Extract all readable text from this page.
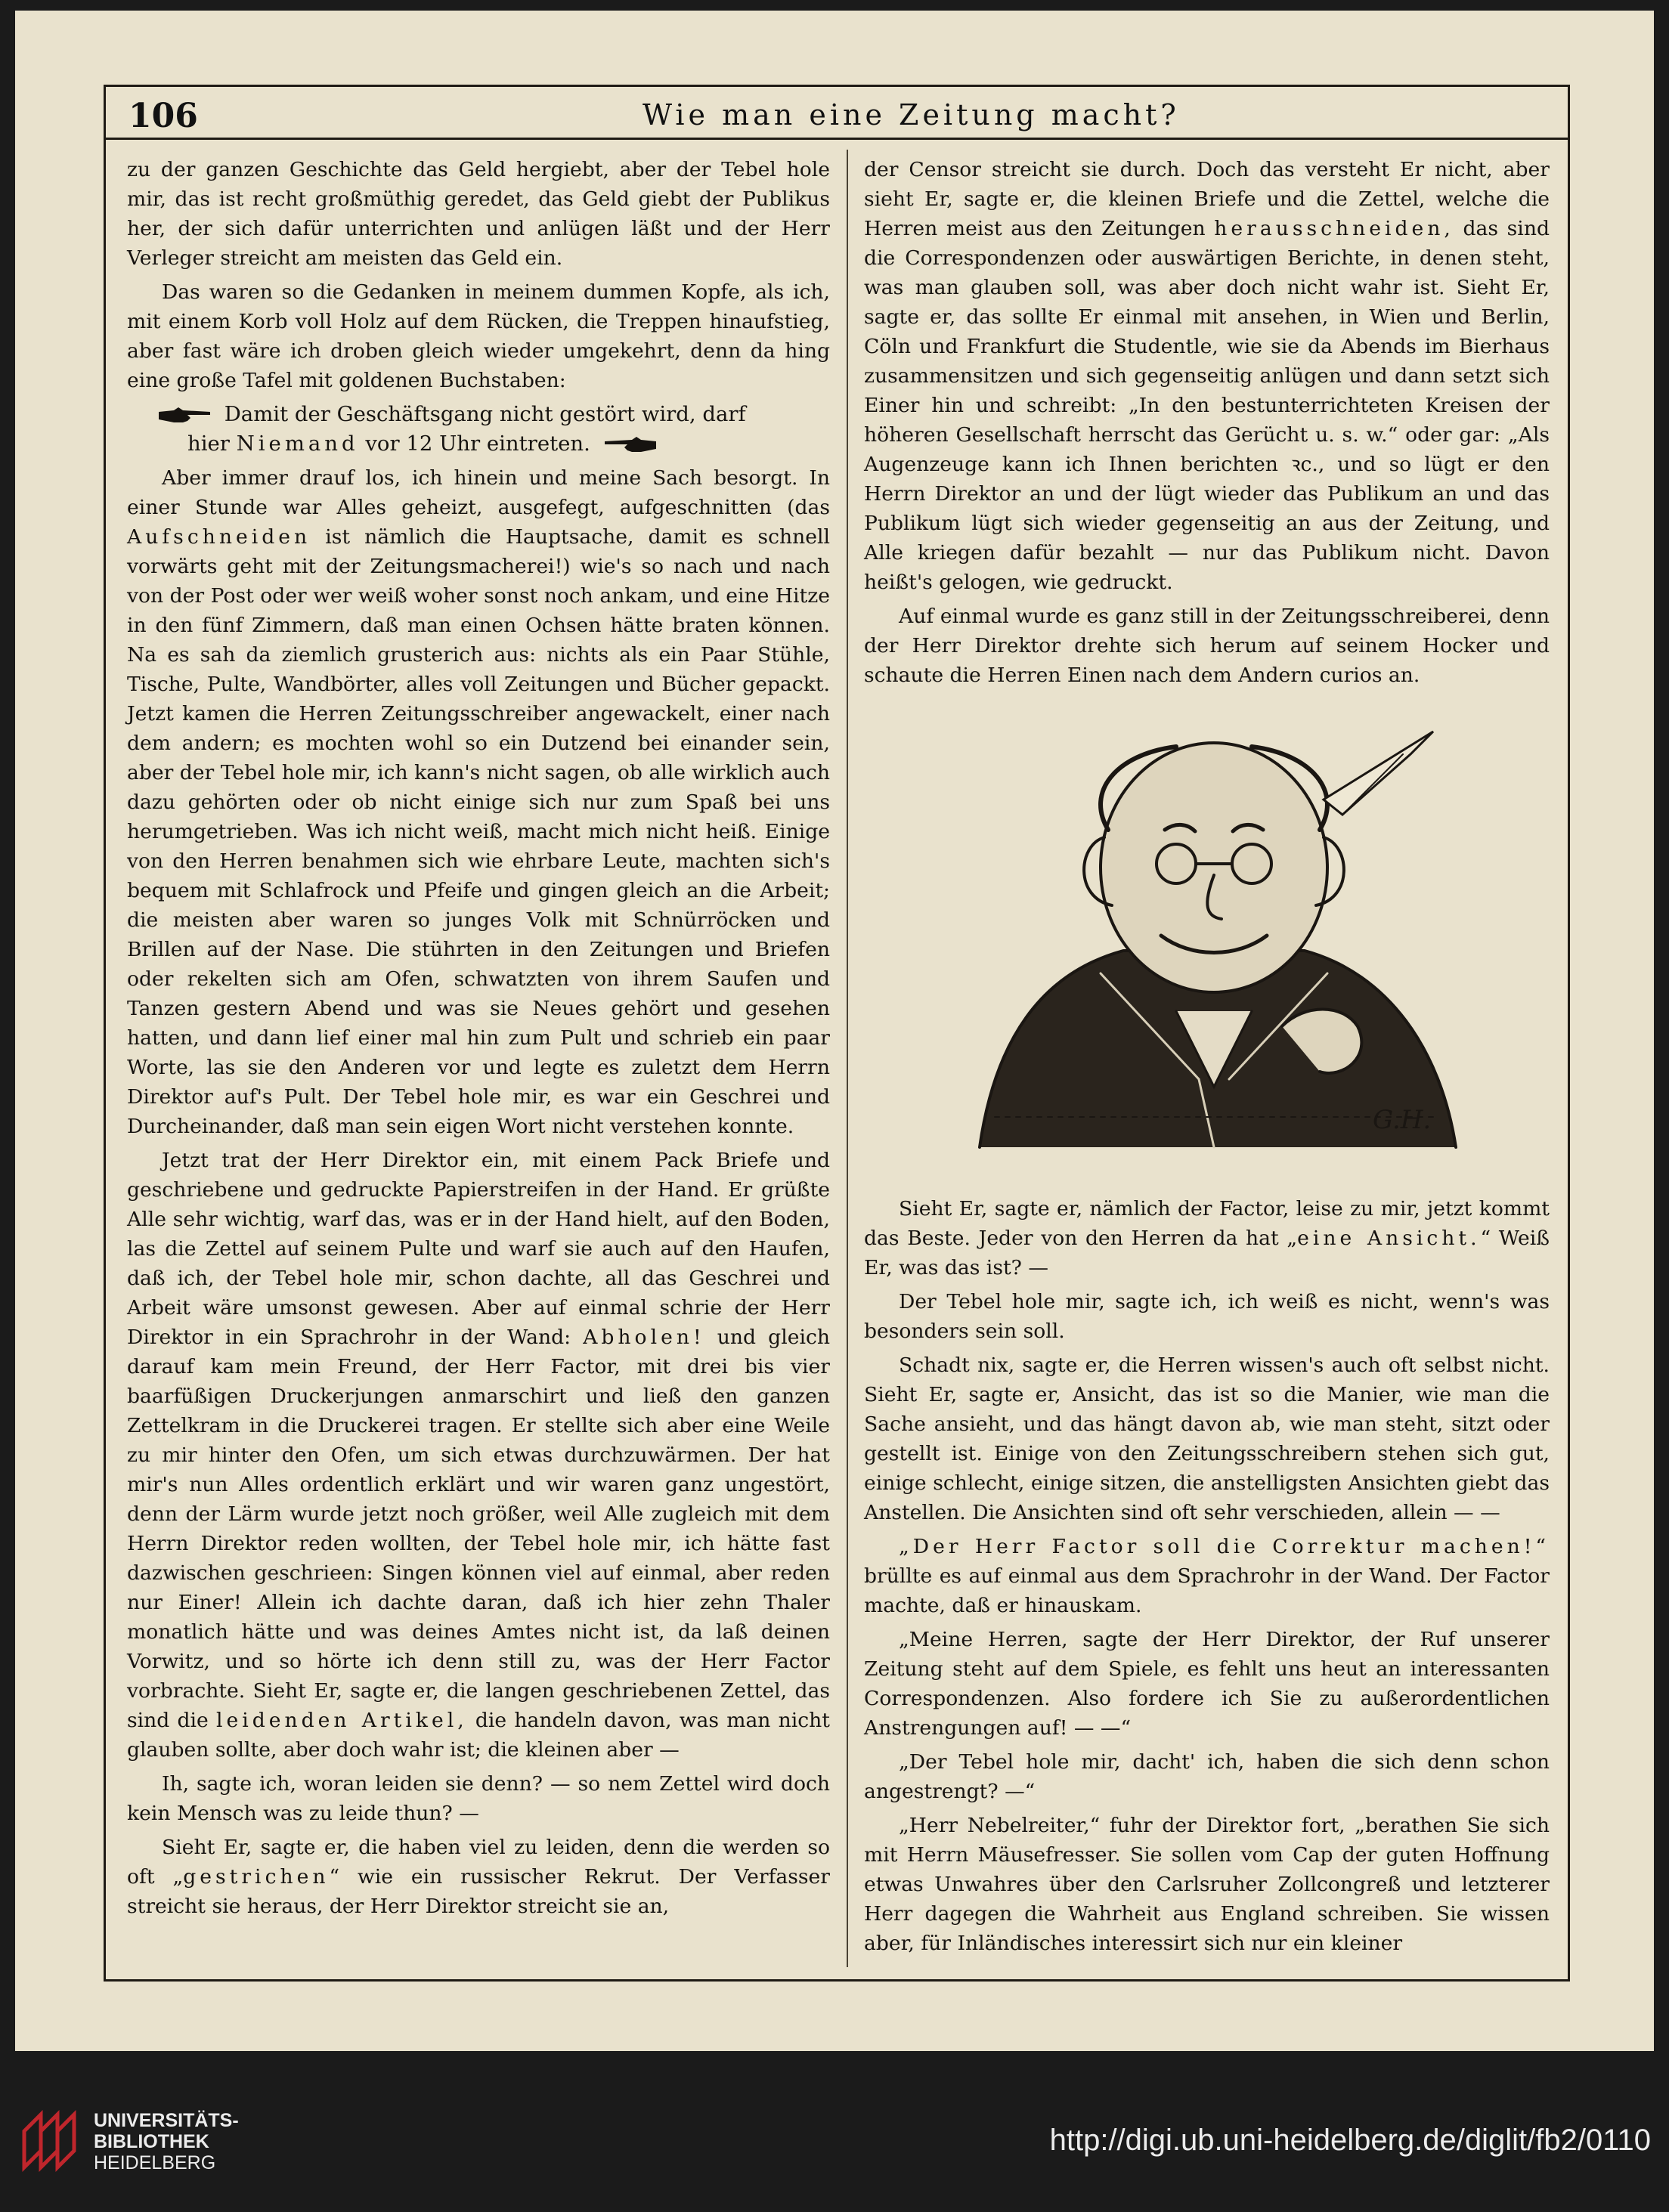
106	Wie man eine Zeitung macht?

zu der ganzen Geschichte das Geld hergiebt, aber der Tebel hole mir, das ist recht großmüthig geredet, das Geld giebt der Publikus her, der sich dafür unterrichten und anlügen läßt und der Herr Verleger streicht am meisten das Geld ein.

Das waren so die Gedanken in meinem dummen Kopfe, als ich, mit einem Korb voll Holz auf dem Rücken, die Treppen hinaufstieg, aber fast wäre ich droben gleich wieder umgekehrt, denn da hing eine große Tafel mit goldenen Buchstaben:

Damit der Geschäftsgang nicht gestört wird, darf
hier Niemand vor 12 Uhr eintreten.

Aber immer drauf los, ich hinein und meine Sach besorgt. In einer Stunde war Alles geheizt, ausgefegt, aufgeschnitten (das Aufschneiden ist nämlich die Hauptsache, damit es schnell vorwärts geht mit der Zeitungsmacherei!) wie's so nach und nach von der Post oder wer weiß woher sonst noch ankam, und eine Hitze in den fünf Zimmern, daß man einen Ochsen hätte braten können. Na es sah da ziemlich grusterich aus: nichts als ein Paar Stühle, Tische, Pulte, Wandbörter, alles voll Zeitungen und Bücher gepackt. Jetzt kamen die Herren Zeitungsschreiber angewackelt, einer nach dem andern; es mochten wohl so ein Dutzend bei einander sein, aber der Tebel hole mir, ich kann's nicht sagen, ob alle wirklich auch dazu gehörten oder ob nicht einige sich nur zum Spaß bei uns herumgetrieben. Was ich nicht weiß, macht mich nicht heiß. Einige von den Herren benahmen sich wie ehrbare Leute, machten sich's bequem mit Schlafrock und Pfeife und gingen gleich an die Arbeit; die meisten aber waren so junges Volk mit Schnürröcken und Brillen auf der Nase. Die stührten in den Zeitungen und Briefen oder rekelten sich am Ofen, schwatzten von ihrem Saufen und Tanzen gestern Abend und was sie Neues gehört und gesehen hatten, und dann lief einer mal hin zum Pult und schrieb ein paar Worte, las sie den Anderen vor und legte es zuletzt dem Herrn Direktor auf's Pult. Der Tebel hole mir, es war ein Geschrei und Durcheinander, daß man sein eigen Wort nicht verstehen konnte.

Jetzt trat der Herr Direktor ein, mit einem Pack Briefe und geschriebene und gedruckte Papierstreifen in der Hand. Er grüßte Alle sehr wichtig, warf das, was er in der Hand hielt, auf den Boden, las die Zettel auf seinem Pulte und warf sie auch auf den Haufen, daß ich, der Tebel hole mir, schon dachte, all das Geschrei und Arbeit wäre umsonst gewesen. Aber auf einmal schrie der Herr Direktor in ein Sprachrohr in der Wand: Abholen! und gleich darauf kam mein Freund, der Herr Factor, mit drei bis vier baarfüßigen Druckerjungen anmarschirt und ließ den ganzen Zettelkram in die Druckerei tragen. Er stellte sich aber eine Weile zu mir hinter den Ofen, um sich etwas durchzuwärmen. Der hat mir's nun Alles ordentlich erklärt und wir waren ganz ungestört, denn der Lärm wurde jetzt noch größer, weil Alle zugleich mit dem Herrn Direktor reden wollten, der Tebel hole mir, ich hätte fast dazwischen geschrieen: Singen können viel auf einmal, aber reden nur Einer! Allein ich dachte daran, daß ich hier zehn Thaler monatlich hätte und was deines Amtes nicht ist, da laß deinen Vorwitz, und so hörte ich denn still zu, was der Herr Factor vorbrachte. Sieht Er, sagte er, die langen geschriebenen Zettel, das sind die leidenden Artikel, die handeln davon, was man nicht glauben sollte, aber doch wahr ist; die kleinen aber —

Ih, sagte ich, woran leiden sie denn? — so nem Zettel wird doch kein Mensch was zu leide thun? —

Sieht Er, sagte er, die haben viel zu leiden, denn die werden so oft „gestrichen“ wie ein russischer Rekrut. Der Verfasser streicht sie heraus, der Herr Direktor streicht sie an,

der Censor streicht sie durch. Doch das versteht Er nicht, aber sieht Er, sagte er, die kleinen Briefe und die Zettel, welche die Herren meist aus den Zeitungen herausschneiden, das sind die Correspondenzen oder auswärtigen Berichte, in denen steht, was man glauben soll, was aber doch nicht wahr ist. Sieht Er, sagte er, das sollte Er einmal mit ansehen, in Wien und Berlin, Cöln und Frankfurt die Studentle, wie sie da Abends im Bierhaus zusammensitzen und sich gegenseitig anlügen und dann setzt sich Einer hin und schreibt: „In den bestunterrichteten Kreisen der höheren Gesellschaft herrscht das Gerücht u. s. w.“ oder gar: „Als Augenzeuge kann ich Ihnen berichten ꝛc., und so lügt er den Herrn Direktor an und der lügt wieder das Publikum an und das Publikum lügt sich wieder gegenseitig an aus der Zeitung, und Alle kriegen dafür bezahlt — nur das Publikum nicht. Davon heißt's gelogen, wie gedruckt.

Auf einmal wurde es ganz still in der Zeitungsschreiberei, denn der Herr Direktor drehte sich herum auf seinem Hocker und schaute die Herren Einen nach dem Andern curios an.

G.H.

Sieht Er, sagte er, nämlich der Factor, leise zu mir, jetzt kommt das Beste. Jeder von den Herren da hat „eine Ansicht.“ Weiß Er, was das ist? —

Der Tebel hole mir, sagte ich, ich weiß es nicht, wenn's was besonders sein soll.

Schadt nix, sagte er, die Herren wissen's auch oft selbst nicht. Sieht Er, sagte er, Ansicht, das ist so die Manier, wie man die Sache ansieht, und das hängt davon ab, wie man steht, sitzt oder gestellt ist. Einige von den Zeitungsschreibern stehen sich gut, einige schlecht, einige sitzen, die anstelligsten Ansichten giebt das Anstellen. Die Ansichten sind oft sehr verschieden, allein — —

„Der Herr Factor soll die Correktur machen!“ brüllte es auf einmal aus dem Sprachrohr in der Wand. Der Factor machte, daß er hinauskam.

„Meine Herren, sagte der Herr Direktor, der Ruf unserer Zeitung steht auf dem Spiele, es fehlt uns heut an interessanten Correspondenzen. Also fordere ich Sie zu außerordentlichen Anstrengungen auf! — —“

„Der Tebel hole mir, dacht' ich, haben die sich denn schon angestrengt? —“

„Herr Nebelreiter,“ fuhr der Direktor fort, „berathen Sie sich mit Herrn Mäusefresser. Sie sollen vom Cap der guten Hoffnung etwas Unwahres über den Carlsruher Zollcongreß und letzterer Herr dagegen die Wahrheit aus England schreiben. Sie wissen aber, für Inländisches interessirt sich nur ein kleiner

UNIVERSITÄTS-
BIBLIOTHEK
HEIDELBERG
http://digi.ub.uni-heidelberg.de/diglit/fb2/0110
